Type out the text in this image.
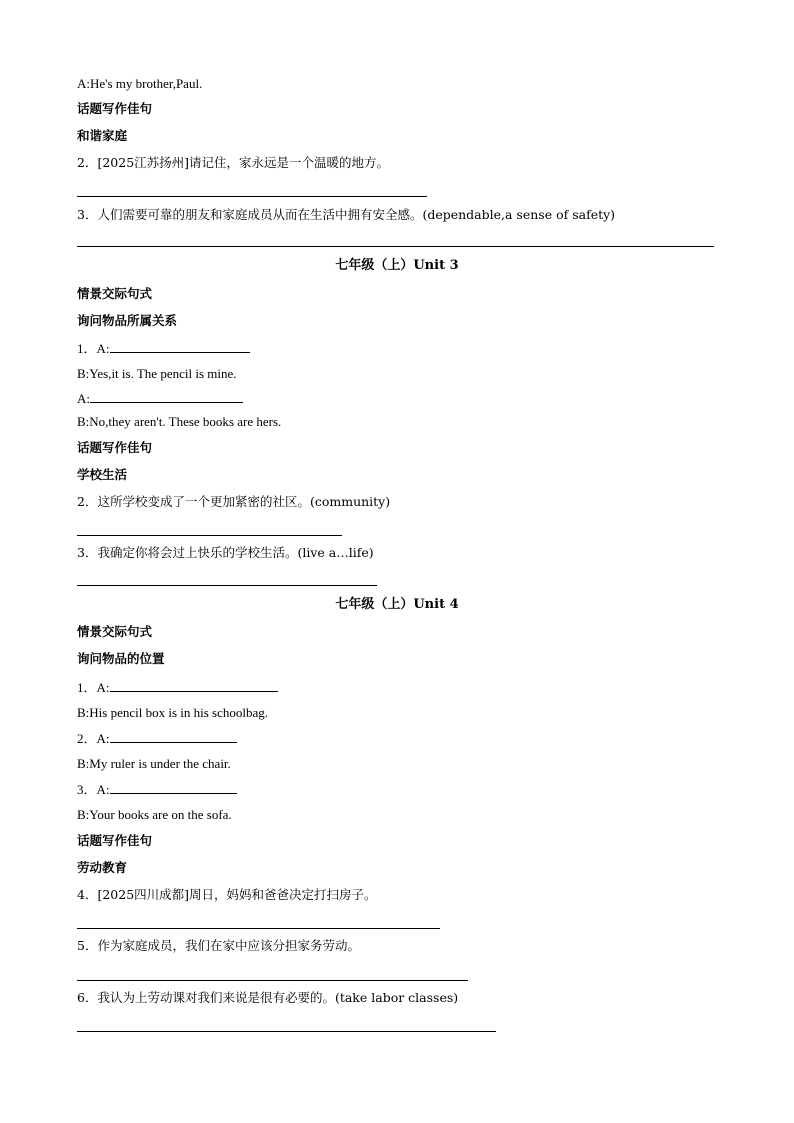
A:He's my brother,Paul.
话题写作佳句
和谐家庭
2．[2025江苏扬州]请记住，家永远是一个温暖的地方。
3．人们需要可靠的朋友和家庭成员从而在生活中拥有安全感。(dependable,a sense of safety)
七年级（上）Unit 3
情景交际句式
询问物品所属关系
1．A:
B:Yes,it is. The pencil is mine.
A:
B:No,they aren't. These books are hers.
话题写作佳句
学校生活
2．这所学校变成了一个更加紧密的社区。(community)
3．我确定你将会过上快乐的学校生活。(live a…life)
七年级（上）Unit 4
情景交际句式
询问物品的位置
1．A:
B:His pencil box is in his schoolbag.
2．A:
B:My ruler is under the chair.
3．A:
B:Your books are on the sofa.
话题写作佳句
劳动教育
4．[2025四川成都]周日，妈妈和爸爸决定打扫房子。
5．作为家庭成员，我们在家中应该分担家务劳动。
6．我认为上劳动课对我们来说是很有必要的。(take labor classes)
